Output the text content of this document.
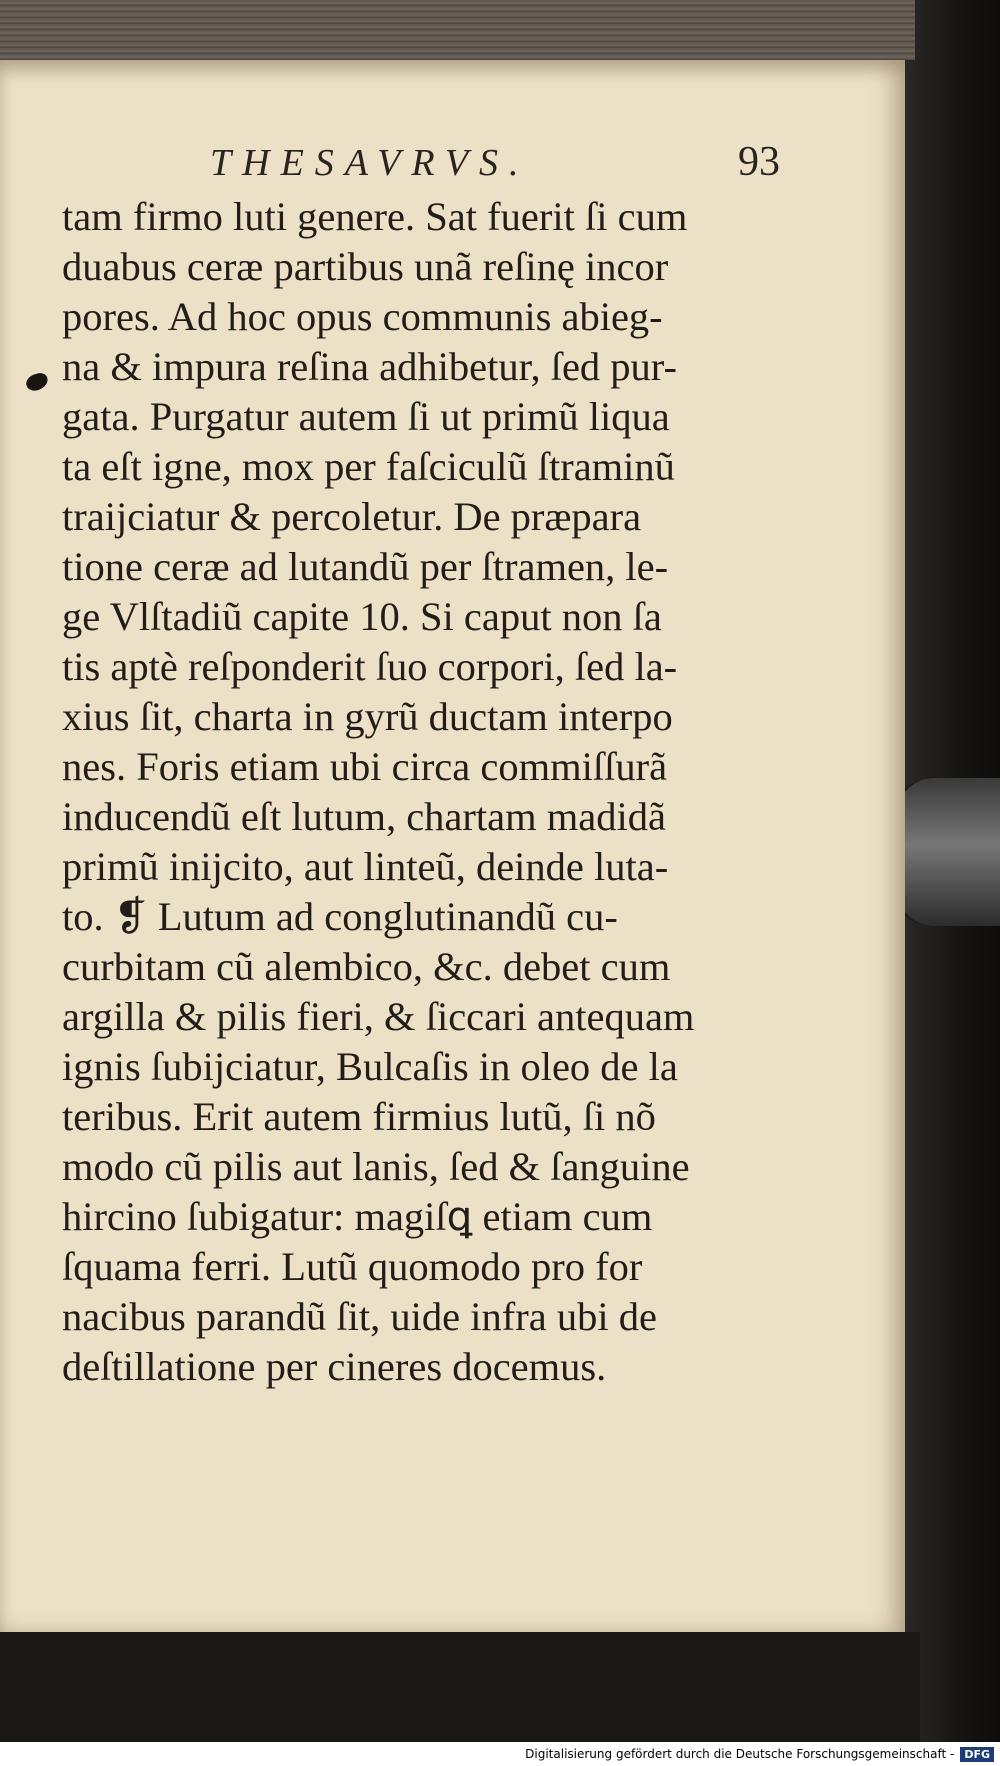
THESAVRVS.	93
tam firmo luti genere. Sat fuerit ſi cum
duabus ceræ partibus unã reſinę incor
pores. Ad hoc opus communis abieg-
na & impura reſina adhibetur, ſed pur-
gata. Purgatur autem ſi ut primũ liqua
ta eſt igne, mox per faſciculũ ſtraminũ
traijciatur & percoletur. De præpara
tione ceræ ad lutandũ per ſtramen, le-
ge Vlſtadiũ capite 10. Si caput non ſa
tis aptè reſponderit ſuo corpori, ſed la-
xius ſit, charta in gyrũ ductam interpo
nes. Foris etiam ubi circa commiſſurã
inducendũ eſt lutum, chartam madidã
primũ inijcito, aut linteũ, deinde luta-
to. ❡ Lutum ad conglutinandũ cu-
curbitam cũ alembico, &c. debet cum
argilla & pilis fieri, & ſiccari antequam
ignis ſubijciatur, Bulcaſis in oleo de la
teribus. Erit autem firmius lutũ, ſi nõ
modo cũ pilis aut lanis, ſed & ſanguine
hircino ſubigatur: magiſꝗ etiam cum
ſquama ferri. Lutũ quomodo pro for
nacibus parandũ ſit, uide infra ubi de
deſtillatione per cineres docemus.
Digitalisierung gefördert durch die Deutsche Forschungsgemeinschaft - DFG
